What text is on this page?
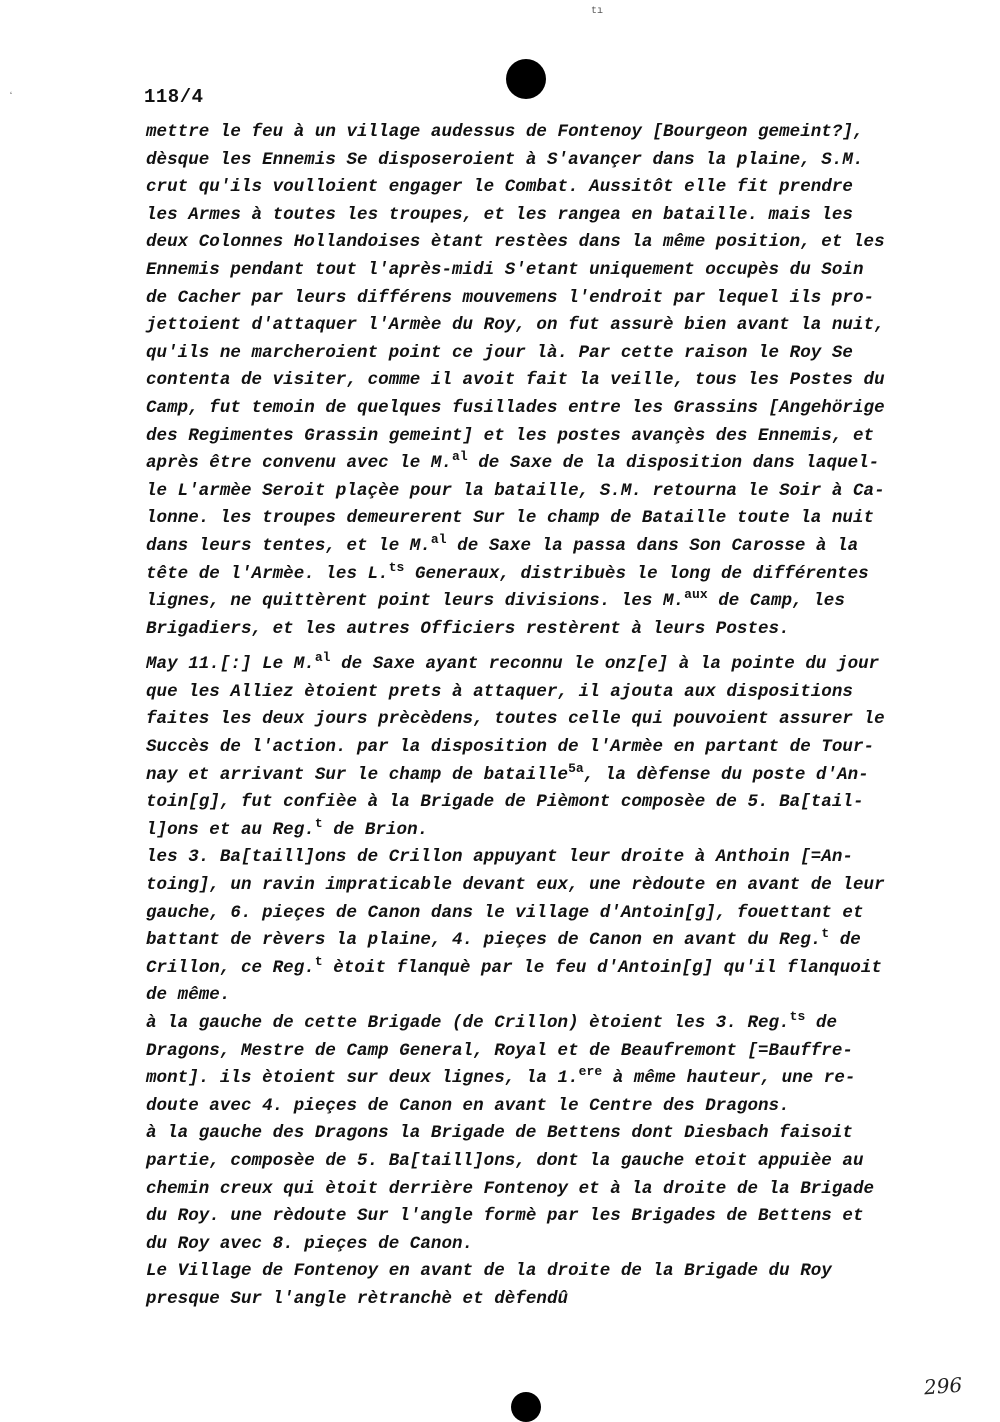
tı
ʻ	118/4
mettre le feu à un village audessus de Fontenoy [Bourgeon gemeint?],
dèsque les Ennemis Se disposeroient à S'avançer dans la plaine, S.M.
crut qu'ils voulloient engager le Combat. Aussitôt elle fit prendre
les Armes à toutes les troupes, et les rangea en bataille. mais les
deux Colonnes Hollandoises ètant restèes dans la même position, et les
Ennemis pendant tout l'après-midi S'etant uniquement occupès du Soin
de Cacher par leurs différens mouvemens l'endroit par lequel ils pro-
jettoient d'attaquer l'Armèe du Roy, on fut assurè bien avant la nuit,
qu'ils ne marcheroient point ce jour là. Par cette raison le Roy Se
contenta de visiter, comme il avoit fait la veille, tous les Postes du
Camp, fut temoin de quelques fusillades entre les Grassins [Angehörige
des Regimentes Grassin gemeint] et les postes avançès des Ennemis, et
après être convenu avec le M.$^{al}$ de Saxe de la disposition dans laquel-
le L'armèe Seroit plaçèe pour la bataille, S.M. retourna le Soir à Ca-
lonne. les troupes demeurerent Sur le champ de Bataille toute la nuit
dans leurs tentes, et le M.$^{al}$ de Saxe la passa dans Son Carosse à la
tête de l'Armèe. les L.$^{ts}$ Generaux, distribuès le long de différentes
lignes, ne quittèrent point leurs divisions. les M.$^{aux}$ de Camp, les
Brigadiers, et les autres Officiers restèrent à leurs Postes.
May 11.[:] Le M.$^{al}$ de Saxe ayant reconnu le onz[e] à la pointe du jour
que les Alliez ètoient prets à attaquer, il ajouta aux dispositions
faites les deux jours prècèdens, toutes celle qui pouvoient assurer le
Succès de l'action. par la disposition de l'Armèe en partant de Tour-
nay et arrivant Sur le champ de bataille$^{5a}$, la dèfense du poste d'An-
toin[g], fut confièe à la Brigade de Pièmont composèe de 5. Ba[tail-
l]ons et au Reg.$^t$ de Brion.
les 3. Ba[taill]ons de Crillon appuyant leur droite à Anthoin [=An-
toing], un ravin impraticable devant eux, une rèdoute en avant de leur
gauche, 6. pieçes de Canon dans le village d'Antoin[g], fouettant et
battant de rèvers la plaine, 4. pieçes de Canon en avant du Reg.$^t$ de
Crillon, ce Reg.$^t$ ètoit flanquè par le feu d'Antoin[g] qu'il flanquoit
de même.
à la gauche de cette Brigade (de Crillon) ètoient les 3. Reg.$^{ts}$ de
Dragons, Mestre de Camp General, Royal et de Beaufremont [=Bauffre-
mont]. ils ètoient sur deux lignes, la 1.$^{ere}$ à même hauteur, une re-
doute avec 4. pieçes de Canon en avant le Centre des Dragons.
à la gauche des Dragons la Brigade de Bettens dont Diesbach faisoit
partie, composèe de 5. Ba[taill]ons, dont la gauche etoit appuièe au
chemin creux qui ètoit derrière Fontenoy et à la droite de la Brigade
du Roy. une rèdoute Sur l'angle formè par les Brigades de Bettens et
du Roy avec 8. pieçes de Canon.
Le Village de Fontenoy en avant de la droite de la Brigade du Roy
presque Sur l'angle rètranchè et dèfendû
296
